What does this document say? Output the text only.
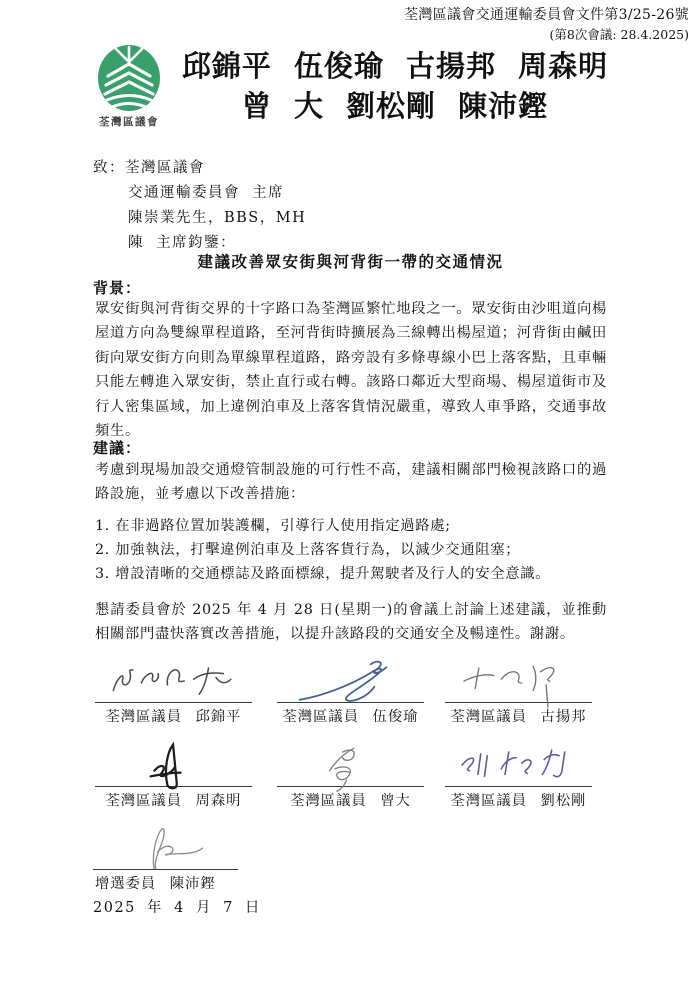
荃灣區議會交通運輸委員會文件第3/25-26號
(第8次會議: 28.4.2025)
荃灣區議會
邱錦平 伍俊瑜 古揚邦 周森明
曾 大 劉松剛 陳沛鏗
致：荃灣區議會
交通運輸委員會 主席
陳崇業先生，BBS，MH
陳 主席鈞鑒：
建議改善眾安街與河背街一帶的交通情況
背景：
眾安街與河背街交界的十字路口為荃灣區繁忙地段之一。眾安街由沙咀道向楊屋道方向為雙線單程道路，至河背街時擴展為三線轉出楊屋道；河背街由鹹田街向眾安街方向則為單線單程道路，路旁設有多條專線小巴上落客點，且車輛只能左轉進入眾安街，禁止直行或右轉。該路口鄰近大型商場、楊屋道街市及行人密集區域，加上違例泊車及上落客貨情況嚴重，導致人車爭路，交通事故頻生。
建議：
考慮到現場加設交通燈管制設施的可行性不高，建議相關部門檢視該路口的過路設施，並考慮以下改善措施：
1. 在非過路位置加裝護欄，引導行人使用指定過路處;
2. 加強執法，打擊違例泊車及上落客貨行為，以減少交通阻塞；
3. 增設清晰的交通標誌及路面標線，提升駕駛者及行人的安全意識。
懇請委員會於 2025 年 4 月 28 日(星期一)的會議上討論上述建議，並推動相關部門盡快落實改善措施，以提升該路段的交通安全及暢達性。謝謝。
荃灣區議員 邱錦平	荃灣區議員 伍俊瑜	荃灣區議員 古揚邦
荃灣區議員 周森明	荃灣區議員 曾大	荃灣區議員 劉松剛
增選委員 陳沛鏗
2025 年 4 月 7 日
